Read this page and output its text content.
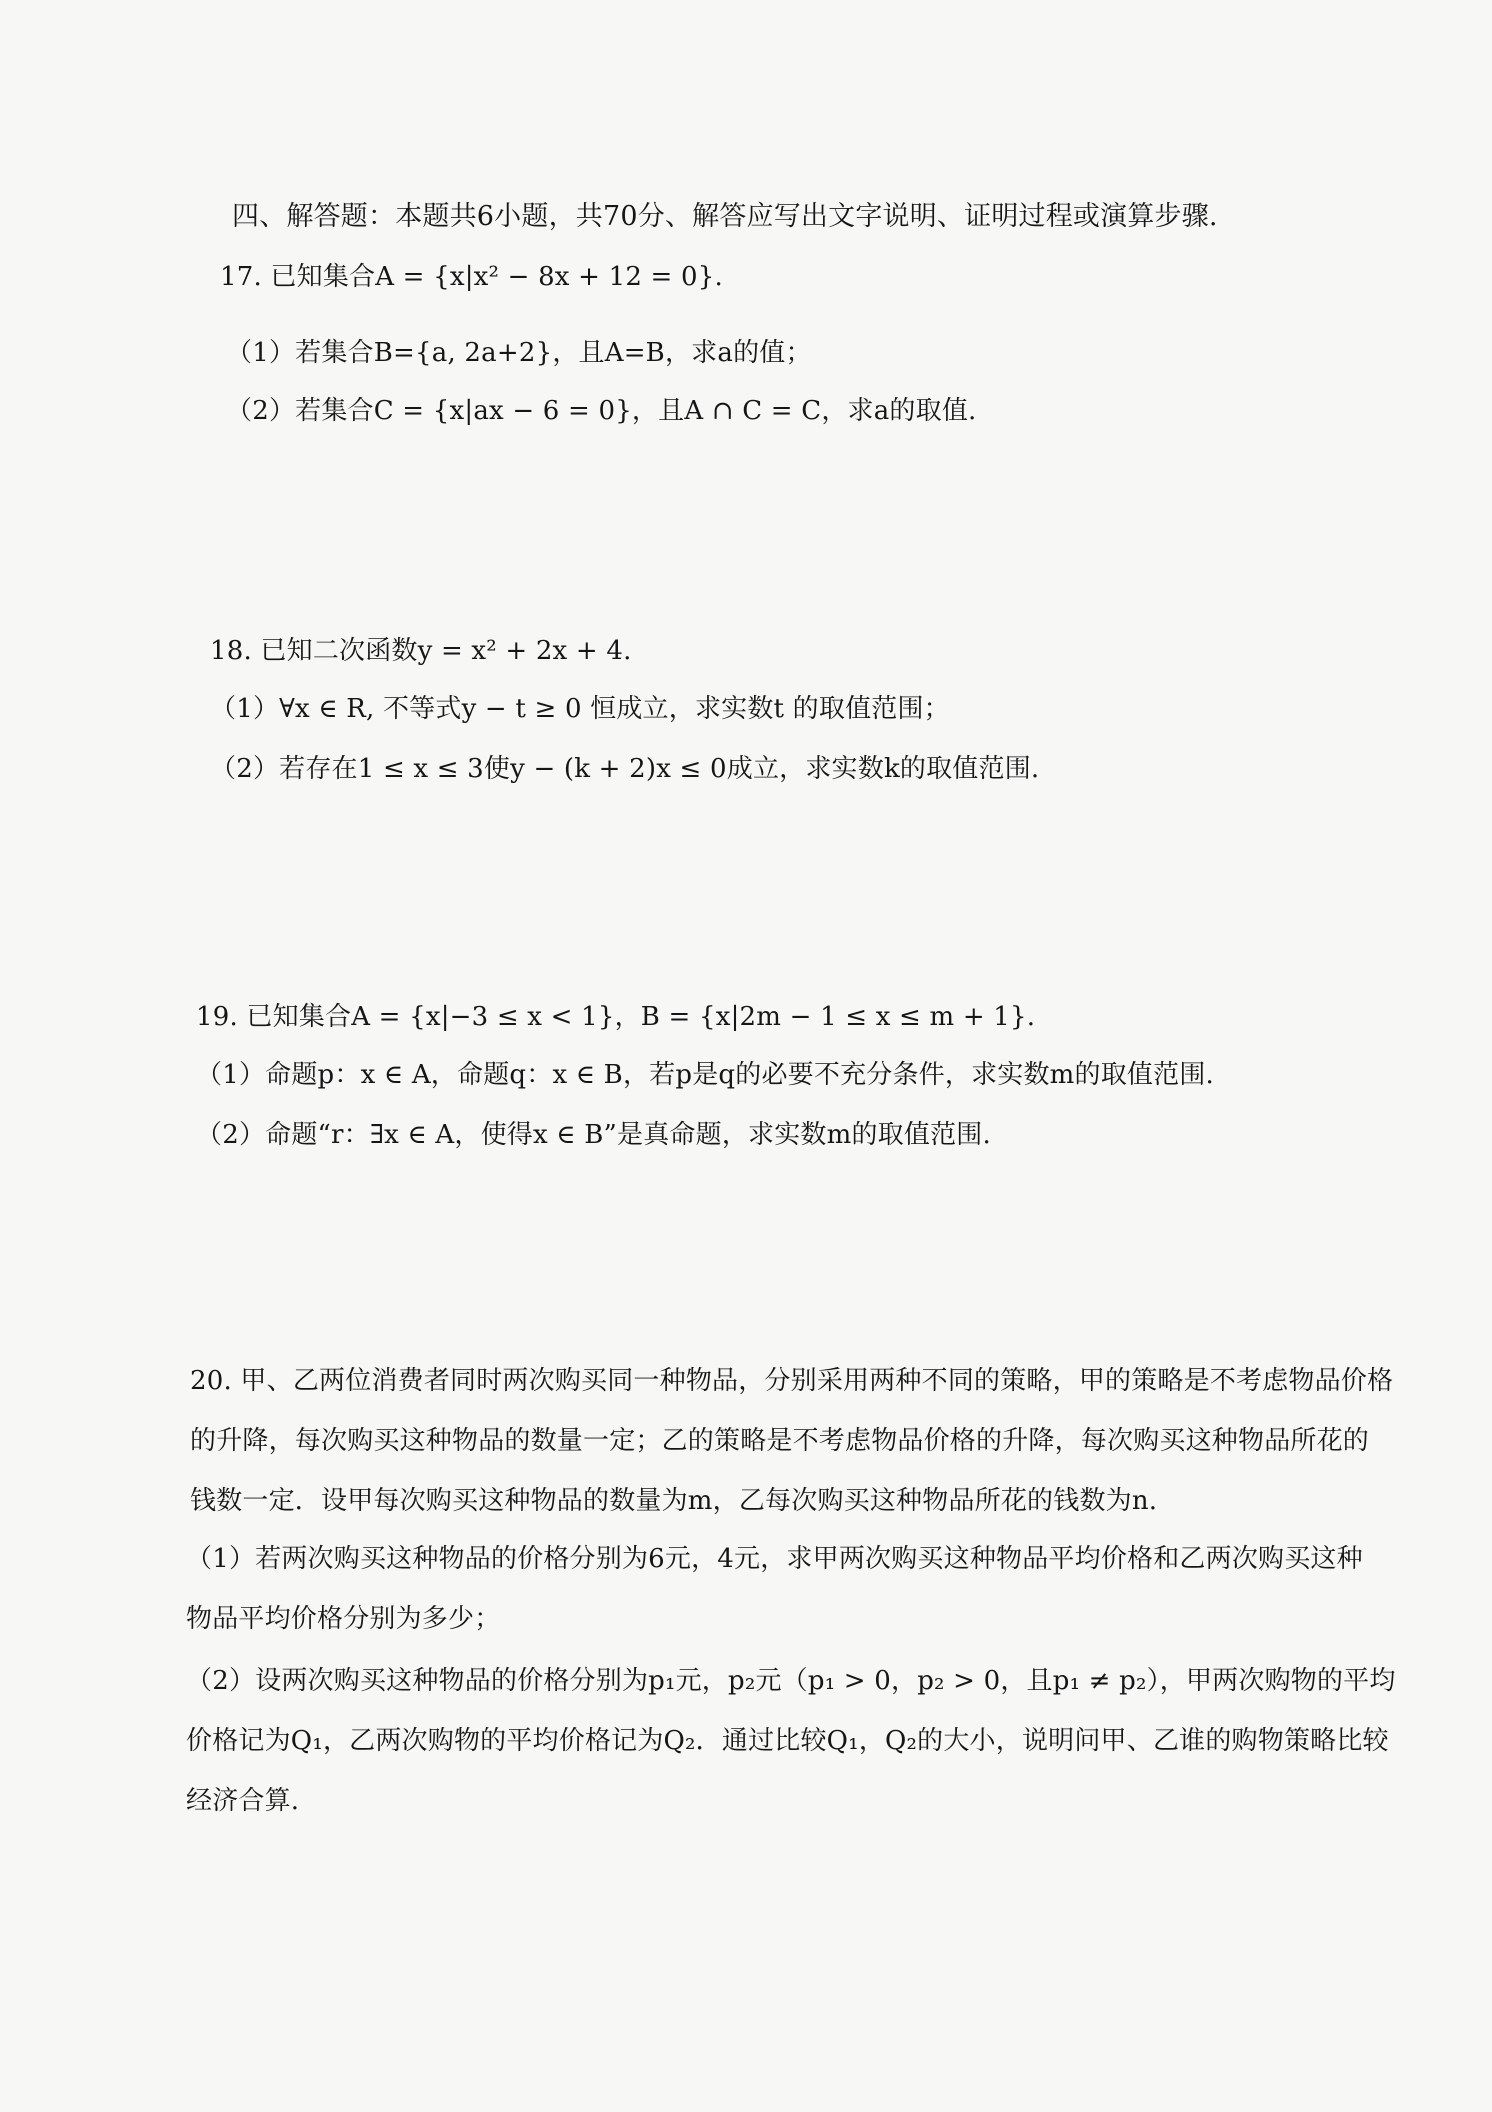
四、解答题：本题共6小题，共70分、解答应写出文字说明、证明过程或演算步骤.
17. 已知集合A = {x|x² − 8x + 12 = 0}.
（1）若集合B={a, 2a+2}，且A=B，求a的值；
（2）若集合C = {x|ax − 6 = 0}，且A ∩ C = C，求a的取值.
18. 已知二次函数y = x² + 2x + 4.
（1）∀x ∈ R, 不等式y − t ≥ 0 恒成立，求实数t 的取值范围；
（2）若存在1 ≤ x ≤ 3使y − (k + 2)x ≤ 0成立，求实数k的取值范围.
19. 已知集合A = {x|−3 ≤ x < 1}，B = {x|2m − 1 ≤ x ≤ m + 1}.
（1）命题p：x ∈ A，命题q：x ∈ B，若p是q的必要不充分条件，求实数m的取值范围.
（2）命题“r：∃x ∈ A，使得x ∈ B”是真命题，求实数m的取值范围.
20. 甲、乙两位消费者同时两次购买同一种物品，分别采用两种不同的策略，甲的策略是不考虑物品价格
的升降，每次购买这种物品的数量一定；乙的策略是不考虑物品价格的升降，每次购买这种物品所花的
钱数一定．设甲每次购买这种物品的数量为m，乙每次购买这种物品所花的钱数为n.
（1）若两次购买这种物品的价格分别为6元，4元，求甲两次购买这种物品平均价格和乙两次购买这种
物品平均价格分别为多少；
（2）设两次购买这种物品的价格分别为p₁元，p₂元（p₁ > 0，p₂ > 0，且p₁ ≠ p₂），甲两次购物的平均
价格记为Q₁，乙两次购物的平均价格记为Q₂．通过比较Q₁，Q₂的大小，说明问甲、乙谁的购物策略比较
经济合算.
